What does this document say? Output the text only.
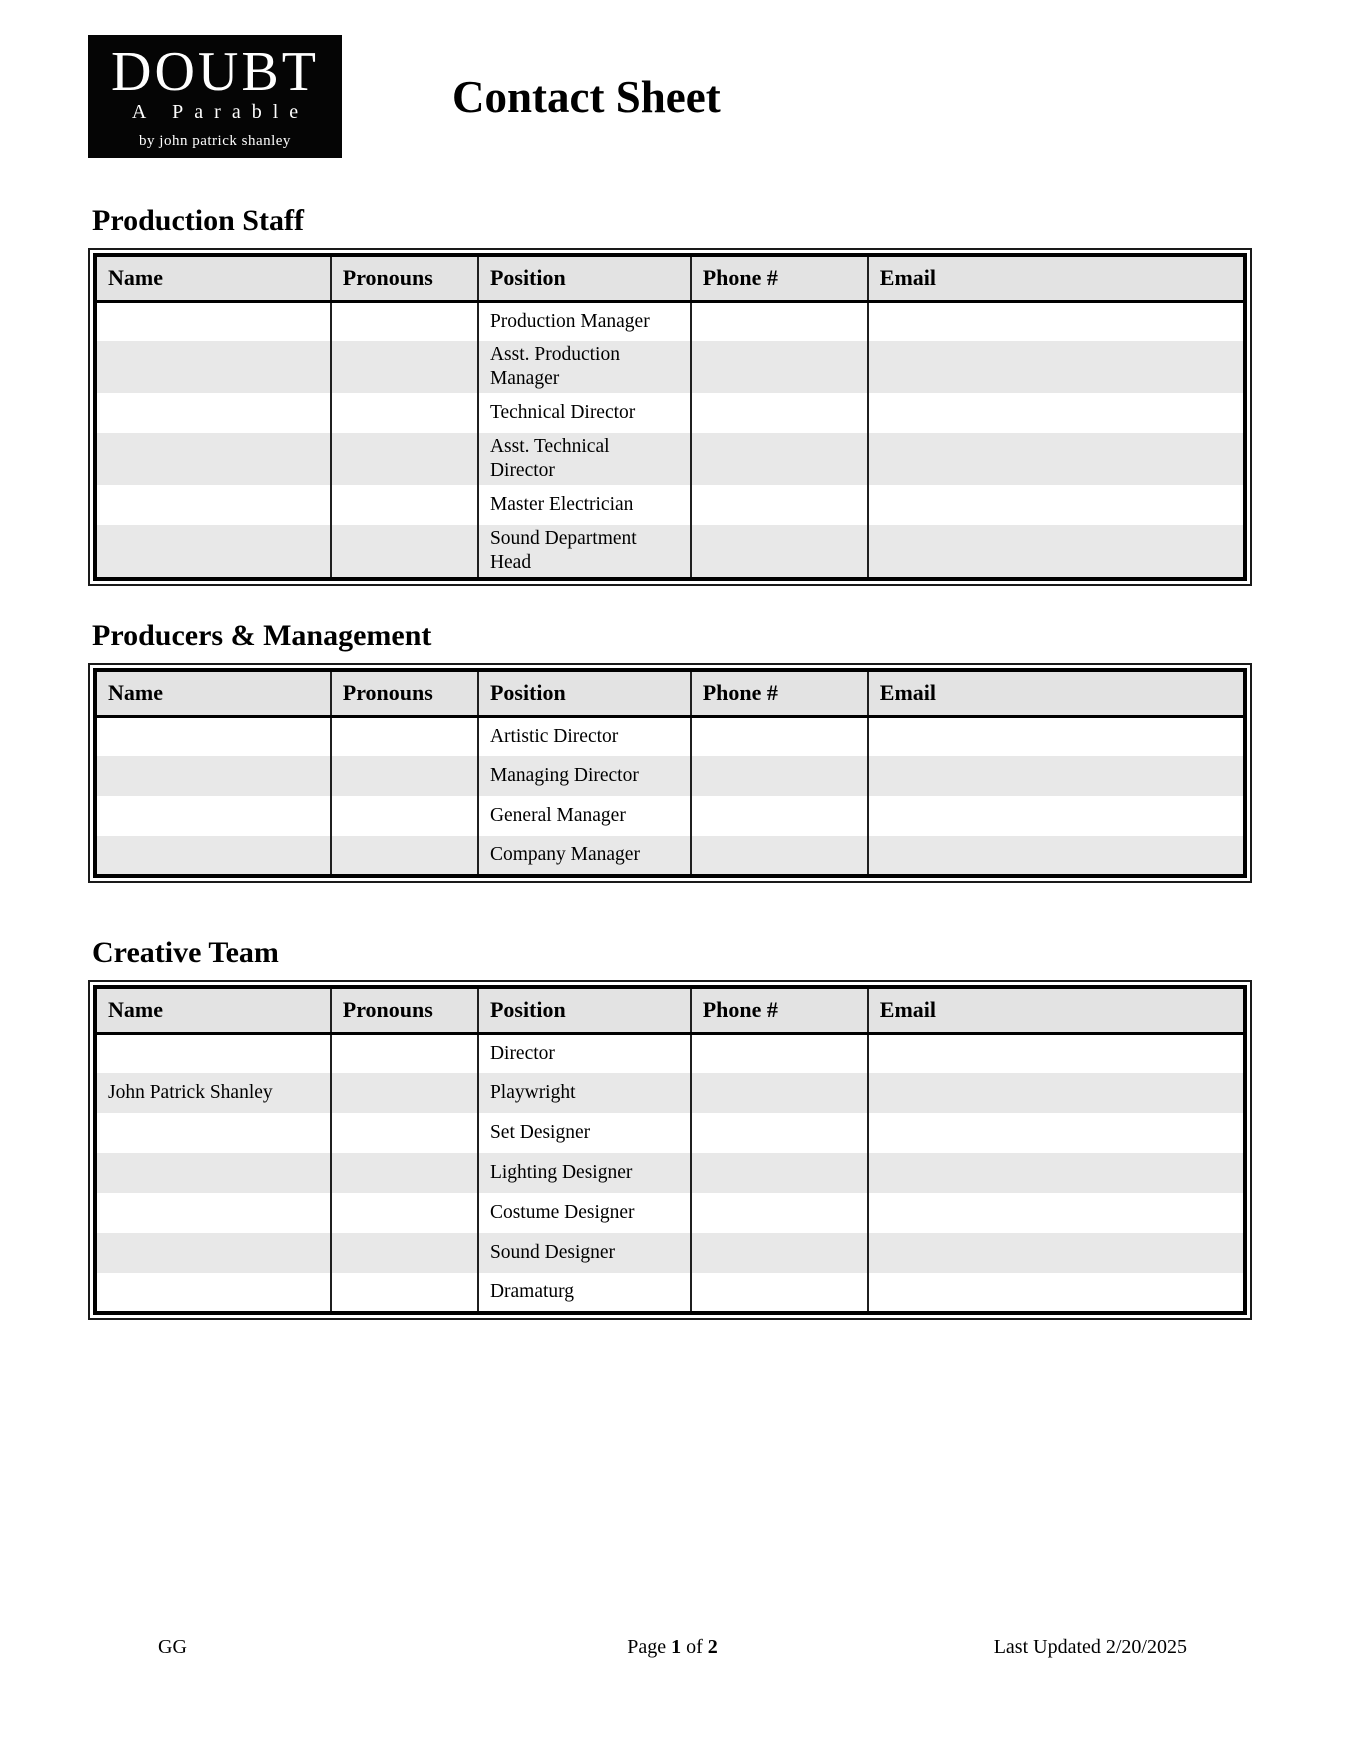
DOUBT
A Parable
by john patrick shanley
Contact Sheet
Production Staff
Name	Pronouns	Position	Phone #	Email
		Production Manager		
		Asst. Production Manager		
		Technical Director		
		Asst. Technical Director		
		Master Electrician		
		Sound Department Head		
Producers & Management
Name	Pronouns	Position	Phone #	Email
		Artistic Director		
		Managing Director		
		General Manager		
		Company Manager		
Creative Team
Name	Pronouns	Position	Phone #	Email
		Director		
John Patrick Shanley		Playwright		
		Set Designer		
		Lighting Designer		
		Costume Designer		
		Sound Designer		
		Dramaturg		
GG	Page 1 of 2	Last Updated 2/20/2025
